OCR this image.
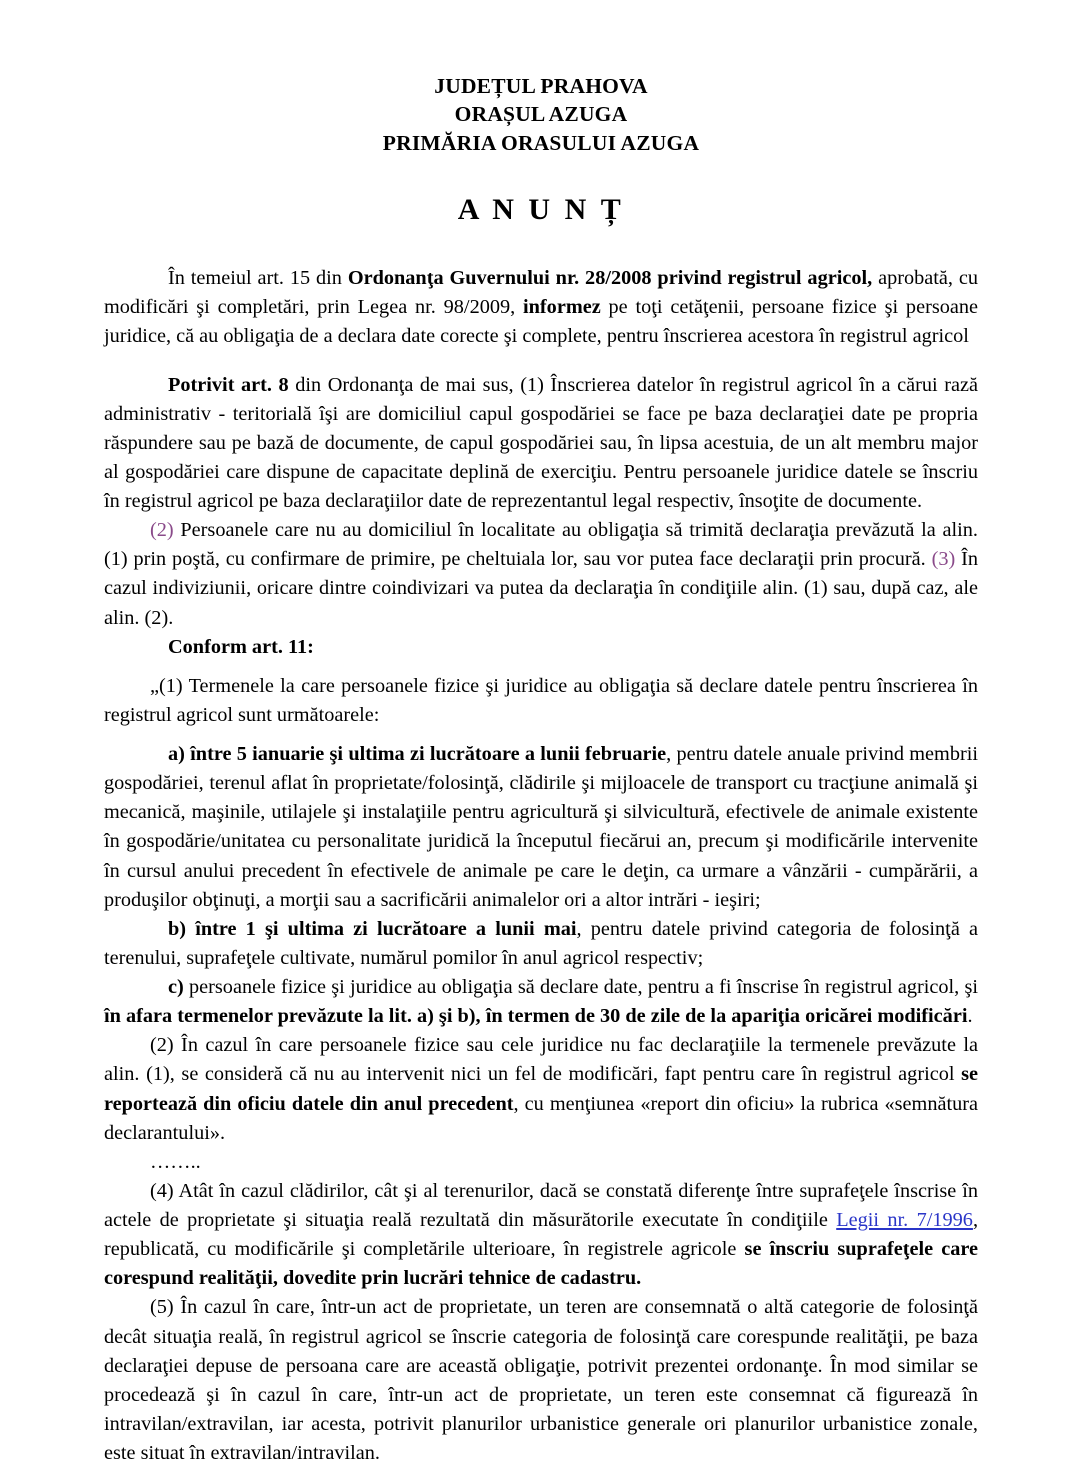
JUDEȚUL PRAHOVA
ORAȘUL AZUGA
PRIMĂRIA ORASULUI AZUGA
A N U N Ț

În temeiul art. 15 din Ordonanţa Guvernului nr. 28/2008 privind registrul agricol, aprobată, cu modificări şi completări, prin Legea nr. 98/2009, informez pe toţi cetăţenii, persoane fizice şi persoane juridice, că au obligaţia de a declara date corecte şi complete, pentru înscrierea acestora în registrul agricol

Potrivit art. 8 din Ordonanţa de mai sus, (1) Înscrierea datelor în registrul agricol în a cărui rază administrativ - teritorială îşi are domiciliul capul gospodăriei se face pe baza declaraţiei date pe propria răspundere sau pe bază de documente, de capul gospodăriei sau, în lipsa acestuia, de un alt membru major al gospodăriei care dispune de capacitate deplină de exerciţiu. Pentru persoanele juridice datele se înscriu în registrul agricol pe baza declaraţiilor date de reprezentantul legal respectiv, însoţite de documente.

(2) Persoanele care nu au domiciliul în localitate au obligaţia să trimită declaraţia prevăzută la alin. (1) prin poştă, cu confirmare de primire, pe cheltuiala lor, sau vor putea face declaraţii prin procură. (3) În cazul indiviziunii, oricare dintre coindivizari va putea da declaraţia în condiţiile alin. (1) sau, după caz, ale alin. (2).

Conform art. 11:

„(1) Termenele la care persoanele fizice şi juridice au obligaţia să declare datele pentru înscrierea în registrul agricol sunt următoarele:

a) între 5 ianuarie şi ultima zi lucrătoare a lunii februarie, pentru datele anuale privind membrii gospodăriei, terenul aflat în proprietate/folosinţă, clădirile şi mijloacele de transport cu tracţiune animală şi mecanică, maşinile, utilajele şi instalaţiile pentru agricultură şi silvicultură, efectivele de animale existente în gospodărie/unitatea cu personalitate juridică la începutul fiecărui an, precum şi modificările intervenite în cursul anului precedent în efectivele de animale pe care le deţin, ca urmare a vânzării - cumpărării, a produşilor obţinuţi, a morţii sau a sacrificării animalelor ori a altor intrări - ieşiri;

b) între 1 şi ultima zi lucrătoare a lunii mai, pentru datele privind categoria de folosinţă a terenului, suprafeţele cultivate, numărul pomilor în anul agricol respectiv;

c) persoanele fizice şi juridice au obligaţia să declare date, pentru a fi înscrise în registrul agricol, şi în afara termenelor prevăzute la lit. a) şi b), în termen de 30 de zile de la apariţia oricărei modificări.

(2) În cazul în care persoanele fizice sau cele juridice nu fac declaraţiile la termenele prevăzute la alin. (1), se consideră că nu au intervenit nici un fel de modificări, fapt pentru care în registrul agricol se reportează din oficiu datele din anul precedent, cu menţiunea «report din oficiu» la rubrica «semnătura declarantului».

……..

(4) Atât în cazul clădirilor, cât şi al terenurilor, dacă se constată diferenţe între suprafeţele înscrise în actele de proprietate şi situaţia reală rezultată din măsurătorile executate în condiţiile Legii nr. 7/1996, republicată, cu modificările şi completările ulterioare, în registrele agricole se înscriu suprafeţele care corespund realităţii, dovedite prin lucrări tehnice de cadastru.

(5) În cazul în care, într-un act de proprietate, un teren are consemnată o altă categorie de folosinţă decât situaţia reală, în registrul agricol se înscrie categoria de folosinţă care corespunde realităţii, pe baza declaraţiei depuse de persoana care are această obligaţie, potrivit prezentei ordonanţe. În mod similar se procedează şi în cazul în care, într-un act de proprietate, un teren este consemnat că figurează în intravilan/extravilan, iar acesta, potrivit planurilor urbanistice generale ori planurilor urbanistice zonale, este situat în extravilan/intravilan.
